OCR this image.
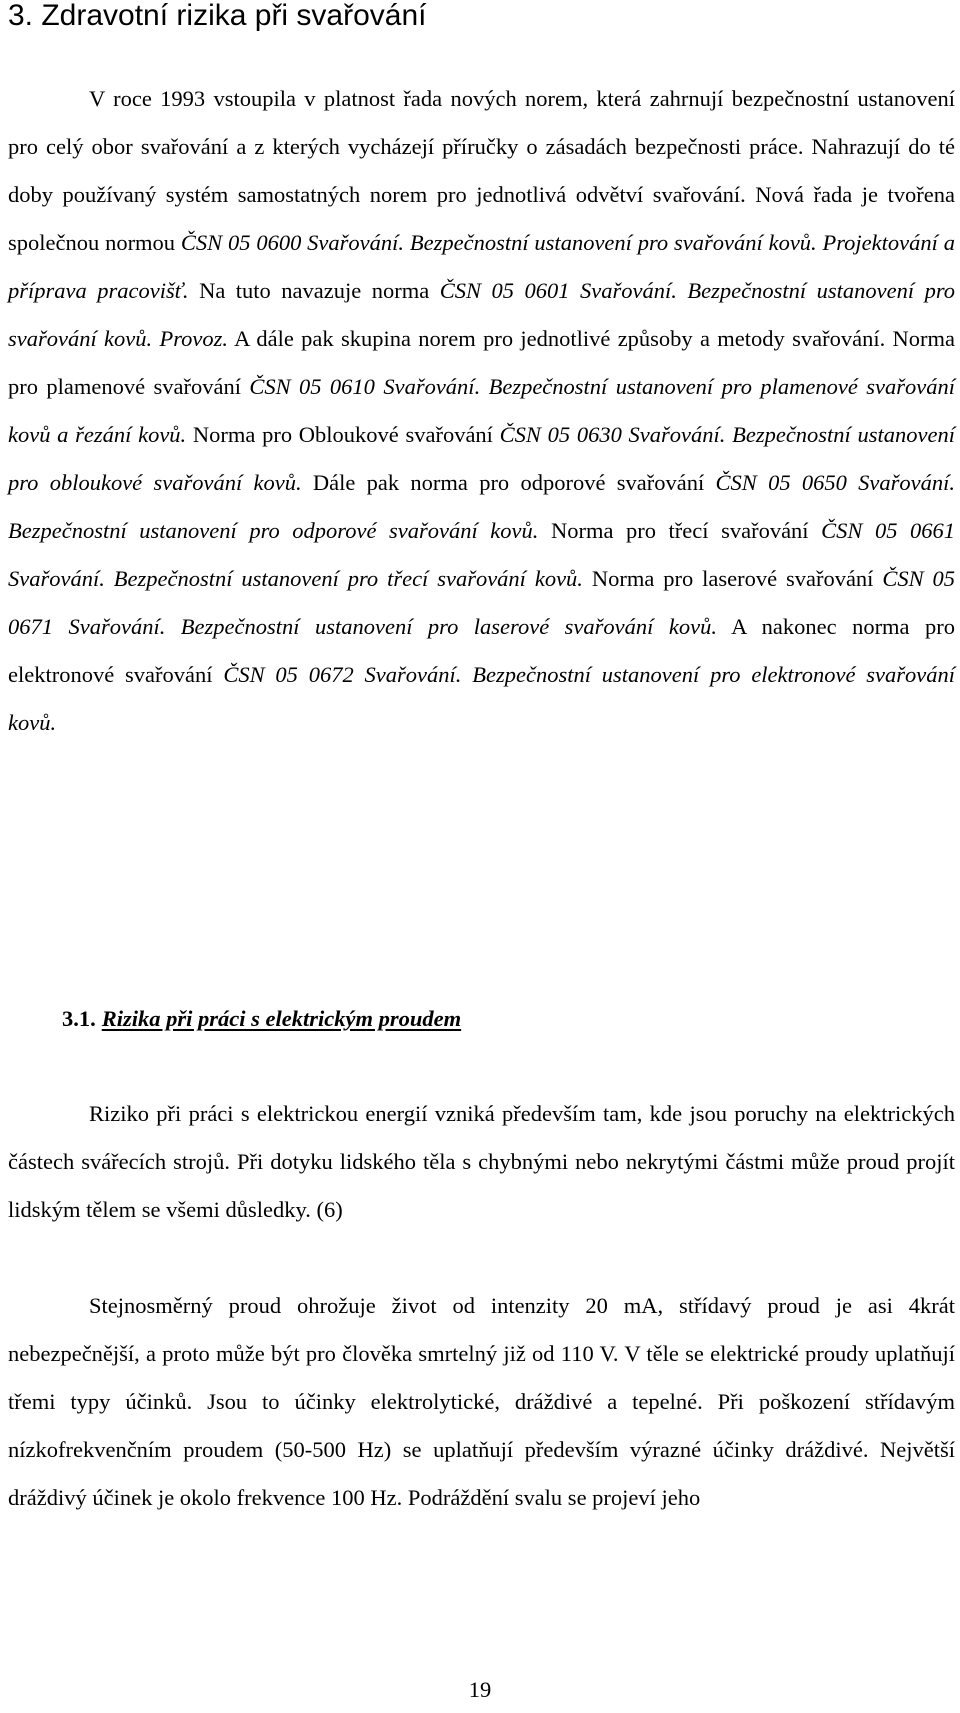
3. Zdravotní rizika při svařování

V roce 1993 vstoupila v platnost řada nových norem, která zahrnují bezpečnostní ustanovení pro celý obor svařování a z kterých vycházejí příručky o zásadách bezpečnosti práce. Nahrazují do té doby používaný systém samostatných norem pro jednotlivá odvětví svařování. Nová řada je tvořena společnou normou ČSN 05 0600 Svařování. Bezpečnostní ustanovení pro svařování kovů. Projektování a příprava pracovišť. Na tuto navazuje norma ČSN 05 0601 Svařování. Bezpečnostní ustanovení pro svařování kovů. Provoz. A dále pak skupina norem pro jednotlivé způsoby a metody svařování. Norma pro plamenové svařování ČSN 05 0610 Svařování. Bezpečnostní ustanovení pro plamenové svařování kovů a řezání kovů. Norma pro Obloukové svařování ČSN 05 0630 Svařování. Bezpečnostní ustanovení pro obloukové svařování kovů. Dále pak norma pro odporové svařování ČSN 05 0650 Svařování. Bezpečnostní ustanovení pro odporové svařování kovů. Norma pro třecí svařování ČSN 05 0661 Svařování. Bezpečnostní ustanovení pro třecí svařování kovů. Norma pro laserové svařování ČSN 05 0671 Svařování. Bezpečnostní ustanovení pro laserové svařování kovů. A nakonec norma pro elektronové svařování ČSN 05 0672 Svařování. Bezpečnostní ustanovení pro elektronové svařování kovů.

3.1. Rizika při práci s elektrickým proudem

Riziko při práci s elektrickou energií vzniká především tam, kde jsou poruchy na elektrických částech svářecích strojů. Při dotyku lidského těla s chybnými nebo nekrytými částmi může proud projít lidským tělem se všemi důsledky. (6)

Stejnosměrný proud ohrožuje život od intenzity 20 mA, střídavý proud je asi 4krát nebezpečnější, a proto může být pro člověka smrtelný již od 110 V. V těle se elektrické proudy uplatňují třemi typy účinků. Jsou to účinky elektrolytické, dráždivé a tepelné. Při poškození střídavým nízkofrekvenčním proudem (50-500 Hz) se uplatňují především výrazné účinky dráždivé. Největší dráždivý účinek je okolo frekvence 100 Hz. Podráždění svalu se projeví jeho

19
